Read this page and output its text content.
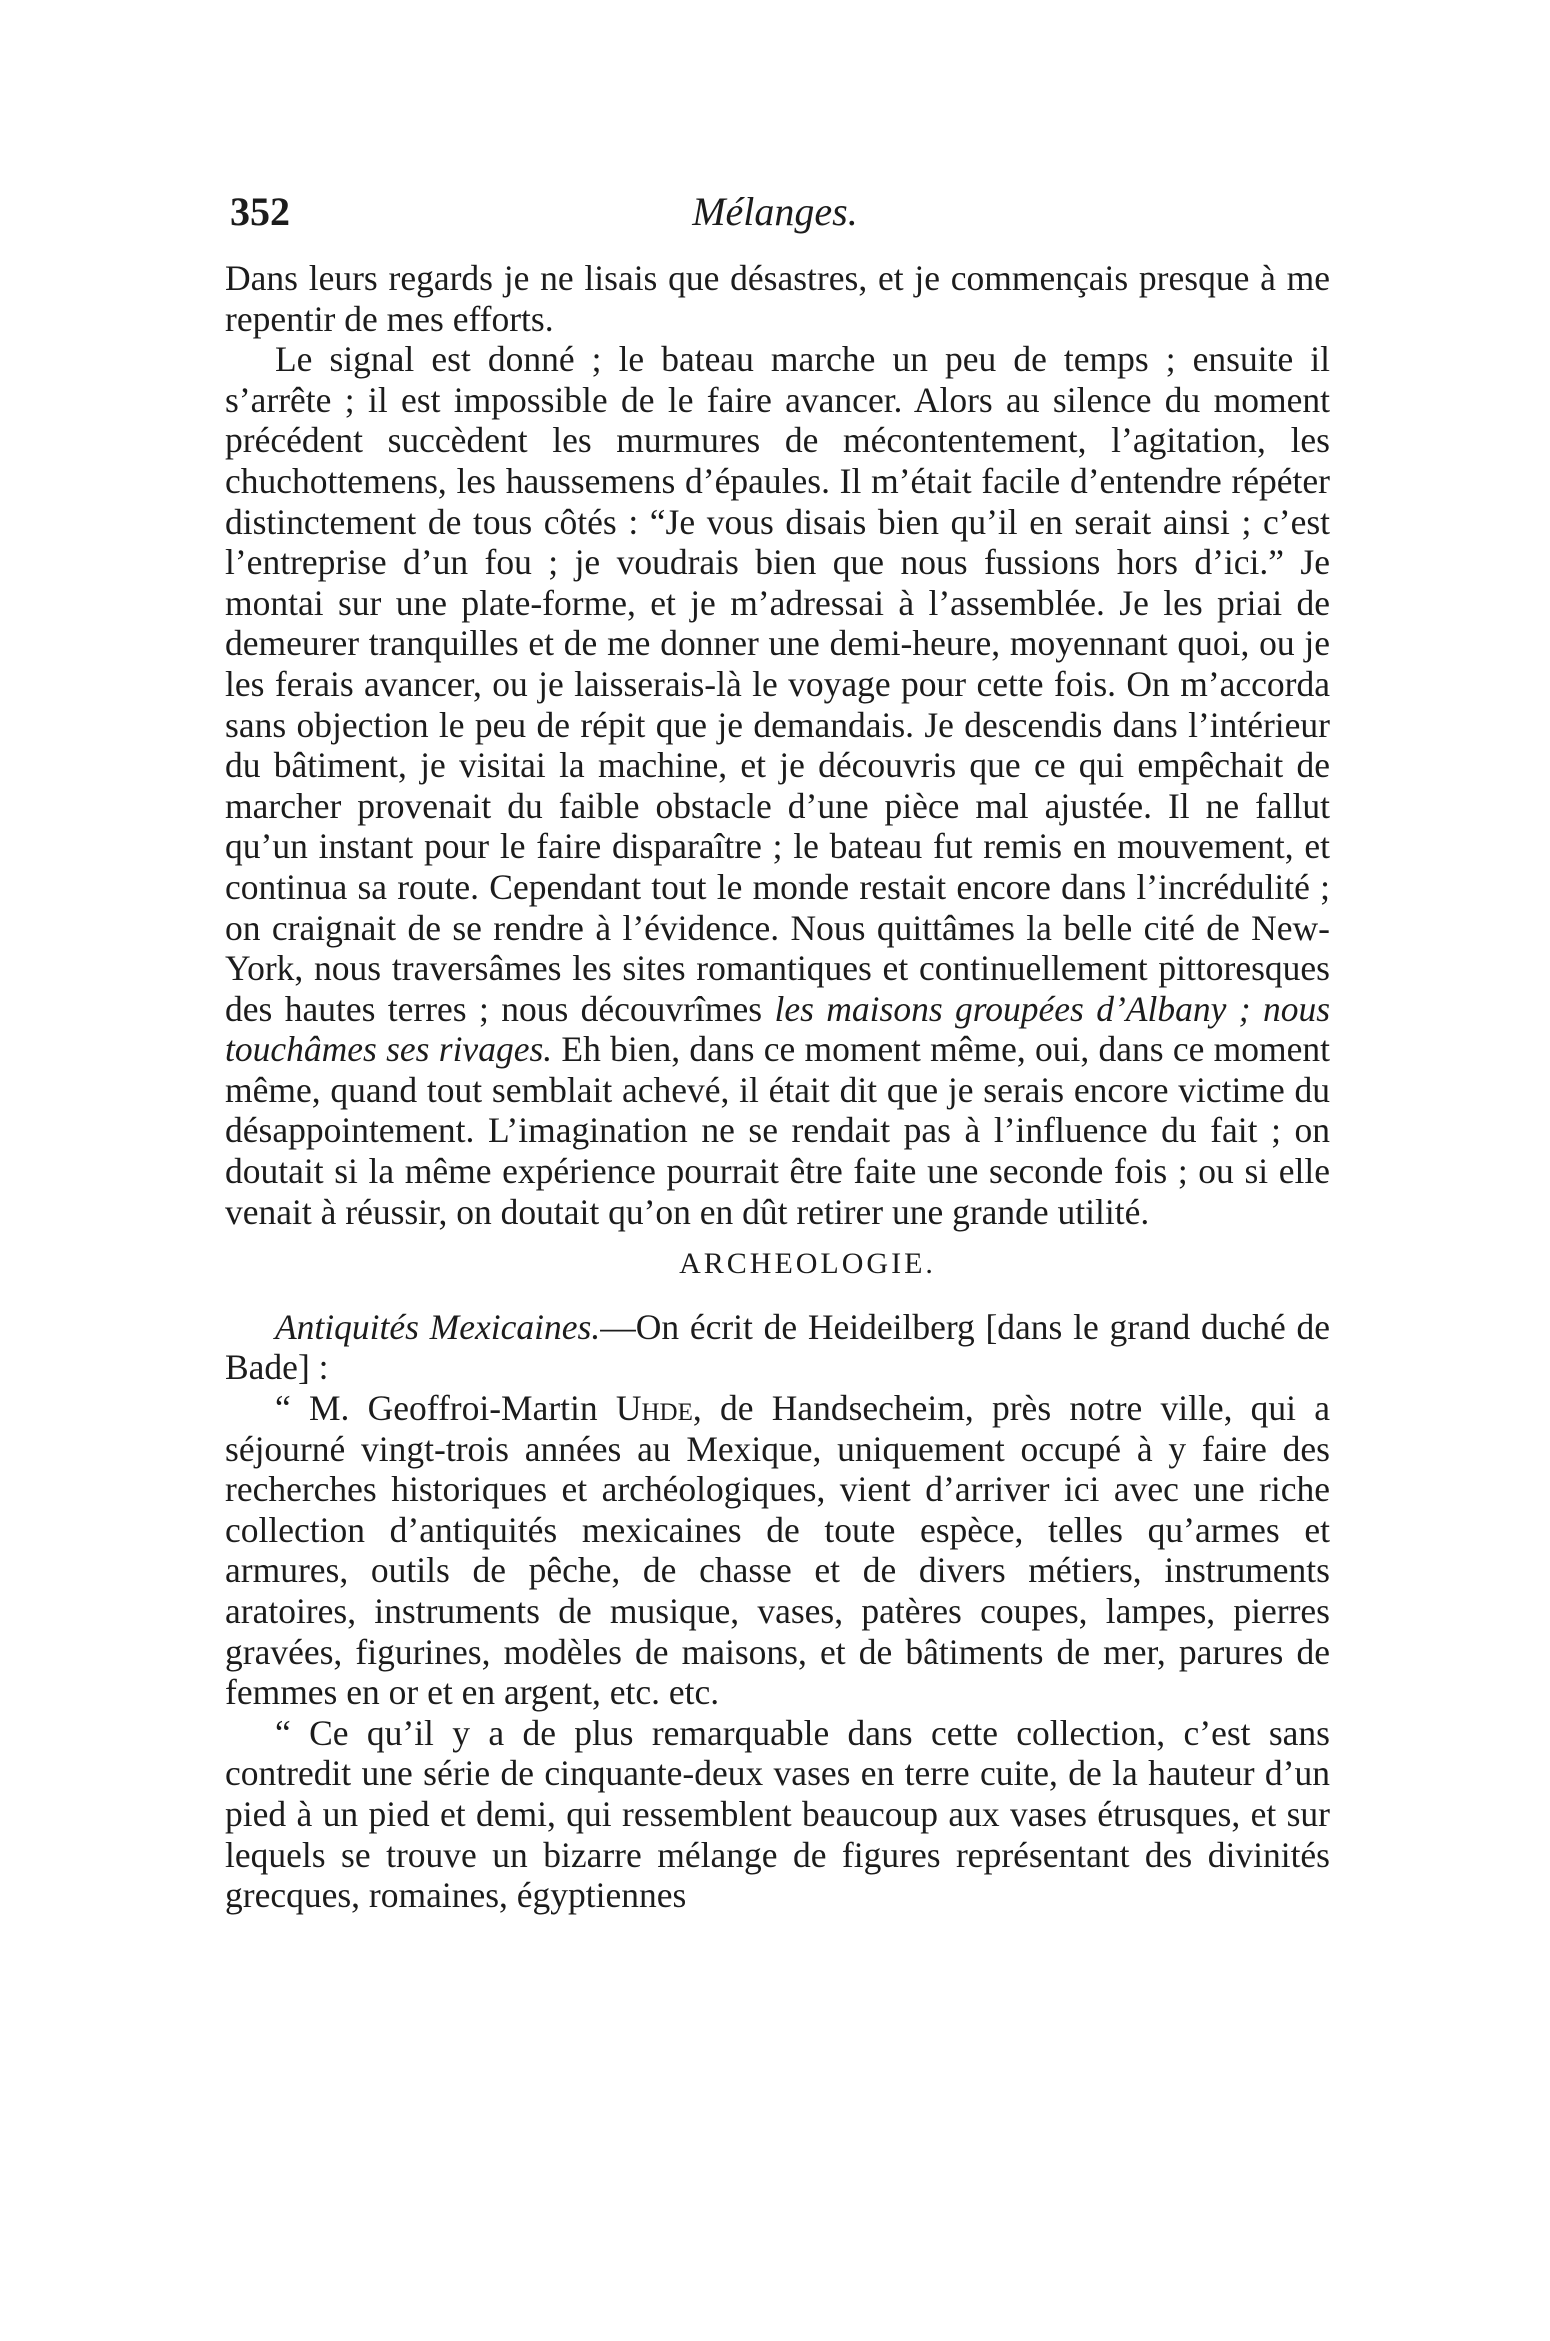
352	Mélanges.

Dans leurs regards je ne lisais que désastres, et je commençais presque à me repentir de mes efforts.

Le signal est donné ; le bateau marche un peu de temps ; ensuite il s’arrête ; il est impossible de le faire avancer. Alors au silence du moment précédent succèdent les murmures de mécontentement, l’agitation, les chuchottemens, les haussemens d’épaules. Il m’était facile d’entendre répéter distinctement de tous côtés : “Je vous disais bien qu’il en serait ainsi ; c’est l’entreprise d’un fou ; je voudrais bien que nous fussions hors d’ici.” Je montai sur une plate-forme, et je m’adressai à l’assemblée. Je les priai de demeurer tranquilles et de me donner une demi-heure, moyennant quoi, ou je les ferais avancer, ou je laisserais-là le voyage pour cette fois. On m’accorda sans objection le peu de répit que je demandais. Je descendis dans l’intérieur du bâtiment, je visitai la machine, et je découvris que ce qui empêchait de marcher provenait du faible obstacle d’une pièce mal ajustée. Il ne fallut qu’un instant pour le faire disparaître ; le bateau fut remis en mouvement, et continua sa route. Cependant tout le monde restait encore dans l’incrédulité ; on craignait de se rendre à l’évidence. Nous quittâmes la belle cité de New-York, nous traversâmes les sites romantiques et continuellement pittoresques des hautes terres ; nous découvrîmes les maisons groupées d’Albany ; nous touchâmes ses rivages. Eh bien, dans ce moment même, oui, dans ce moment même, quand tout semblait achevé, il était dit que je serais encore victime du désappointement. L’imagination ne se rendait pas à l’influence du fait ; on doutait si la même expérience pourrait être faite une seconde fois ; ou si elle venait à réussir, on doutait qu’on en dût retirer une grande utilité.

ARCHEOLOGIE.

Antiquités Mexicaines.—On écrit de Heideilberg [dans le grand duché de Bade] :

“ M. Geoffroi-Martin Uhde, de Handsecheim, près notre ville, qui a séjourné vingt-trois années au Mexique, uniquement occupé à y faire des recherches historiques et archéologiques, vient d’arriver ici avec une riche collection d’antiquités mexicaines de toute espèce, telles qu’armes et armures, outils de pêche, de chasse et de divers métiers, instruments aratoires, instruments de musique, vases, patères coupes, lampes, pierres gravées, figurines, modèles de maisons, et de bâtiments de mer, parures de femmes en or et en argent, etc. etc.

“ Ce qu’il y a de plus remarquable dans cette collection, c’est sans contredit une série de cinquante-deux vases en terre cuite, de la hauteur d’un pied à un pied et demi, qui ressemblent beaucoup aux vases étrusques, et sur lequels se trouve un bizarre mélange de figures représentant des divinités grecques, romaines, égyptiennes
